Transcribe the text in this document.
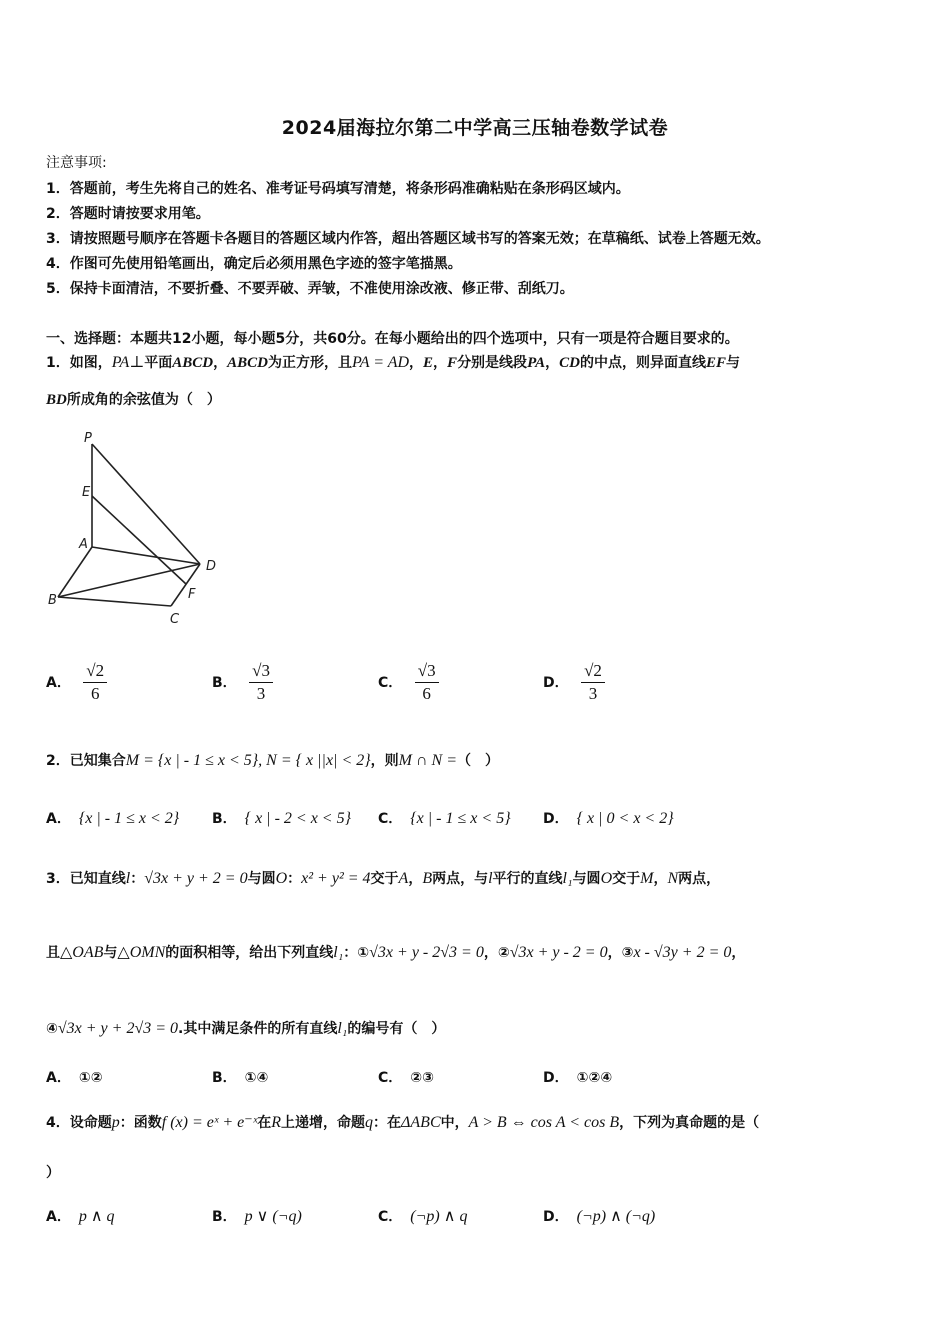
2024届海拉尔第二中学高三压轴卷数学试卷
注意事项:
1．答题前，考生先将自己的姓名、准考证号码填写清楚，将条形码准确粘贴在条形码区域内。
2．答题时请按要求用笔。
3．请按照题号顺序在答题卡各题目的答题区域内作答，超出答题区域书写的答案无效；在草稿纸、试卷上答题无效。
4．作图可先使用铅笔画出，确定后必须用黑色字迹的签字笔描黑。
5．保持卡面清洁，不要折叠、不要弄破、弄皱，不准使用涂改液、修正带、刮纸刀。
一、选择题：本题共12小题，每小题5分，共60分。在每小题给出的四个选项中，只有一项是符合题目要求的。
1．如图，PA⊥平面ABCD，ABCD为正方形，且PA = AD，E，F分别是线段PA，CD的中点，则异面直线EF与
BD所成角的余弦值为（　）
P
E
A
D
B	F
C
A． √ $\frac{2}{6}$	B． √ $\frac{3}{3}$	C． √ $\frac{3}{6}$	D． √ $\frac{2}{3}$
2．已知集合M = {x | - 1 ≤ x < 5}, N = { x ||x| < 2}，则M ∩ N =（　）
A． {x | - 1 ≤ x < 2} B． { x | - 2 < x < 5} C． {x | - 1 ≤ x < 5} D． { x | 0 < x < 2}
3．已知直线l：√3x + y + 2 = 0与圆O：x² + y² = 4交于A，B两点，与l平行的直线l₁与圆O交于M，N两点，
且△OAB与△OMN的面积相等，给出下列直线l₁：①√3x + y - 2√3 = 0，②√3x + y - 2 = 0，③x - √3y + 2 = 0，
④√3x + y + 2√3 = 0.其中满足条件的所有直线l₁的编号有（　）
A． ①②	B． ①④	C． ②③	D． ①②④
4．设命题p：函数f (x) = eˣ + e⁻ˣ在R上递增，命题q：在ΔABC中，A > B ⇔ cos A < cos B，下列为真命题的是（
）
A． p ∧ q	B． p ∨ (¬q)	C． (¬p) ∧ q	D． (¬p) ∧ (¬q)
